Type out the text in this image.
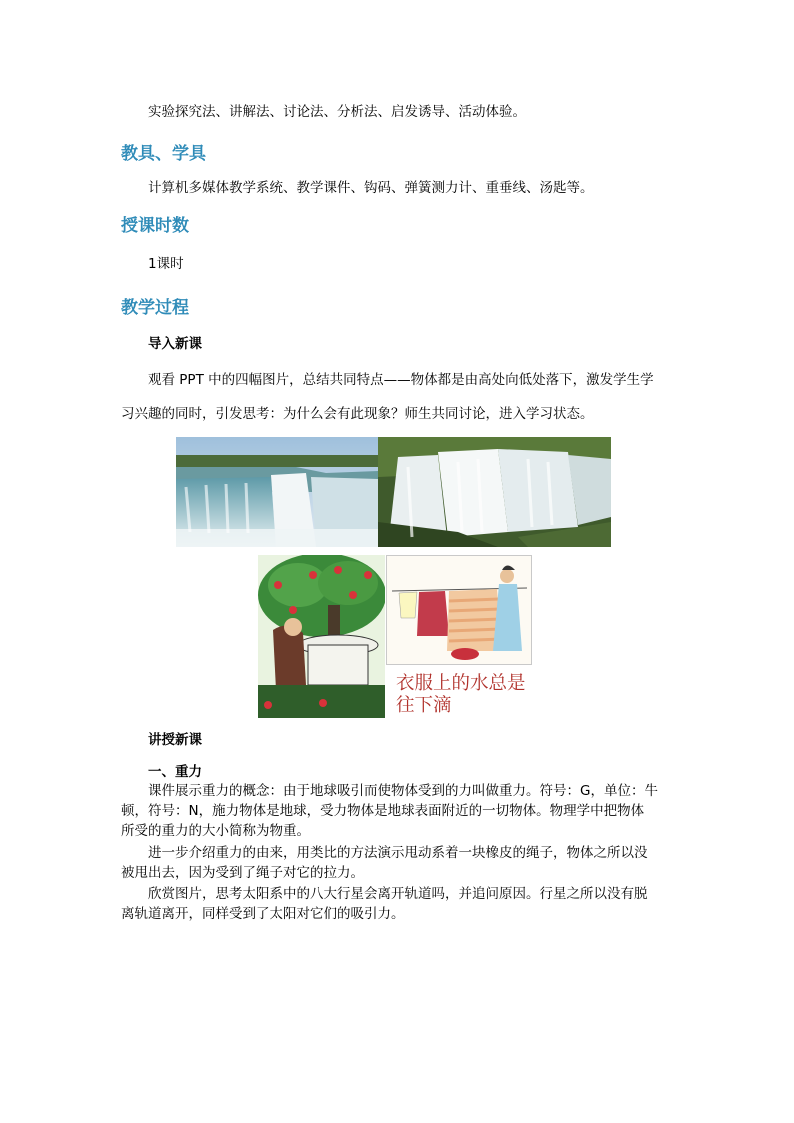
实验探究法、讲解法、讨论法、分析法、启发诱导、活动体验。
教具、学具
计算机多媒体教学系统、教学课件、钩码、弹簧测力计、重垂线、汤匙等。
授课时数
1课时
教学过程
导入新课
观看 PPT 中的四幅图片，总结共同特点——物体都是由高处向低处落下，激发学生学
习兴趣的同时，引发思考：为什么会有此现象？师生共同讨论，进入学习状态。
衣服上的水总是往下滴
讲授新课
一、重力
课件展示重力的概念：由于地球吸引而使物体受到的力叫做重力。符号：G，单位：牛
顿，符号：N，施力物体是地球，受力物体是地球表面附近的一切物体。物理学中把物体
所受的重力的大小简称为物重。
进一步介绍重力的由来，用类比的方法演示甩动系着一块橡皮的绳子，物体之所以没
被甩出去，因为受到了绳子对它的拉力。
欣赏图片，思考太阳系中的八大行星会离开轨道吗，并追问原因。行星之所以没有脱
离轨道离开，同样受到了太阳对它们的吸引力。
